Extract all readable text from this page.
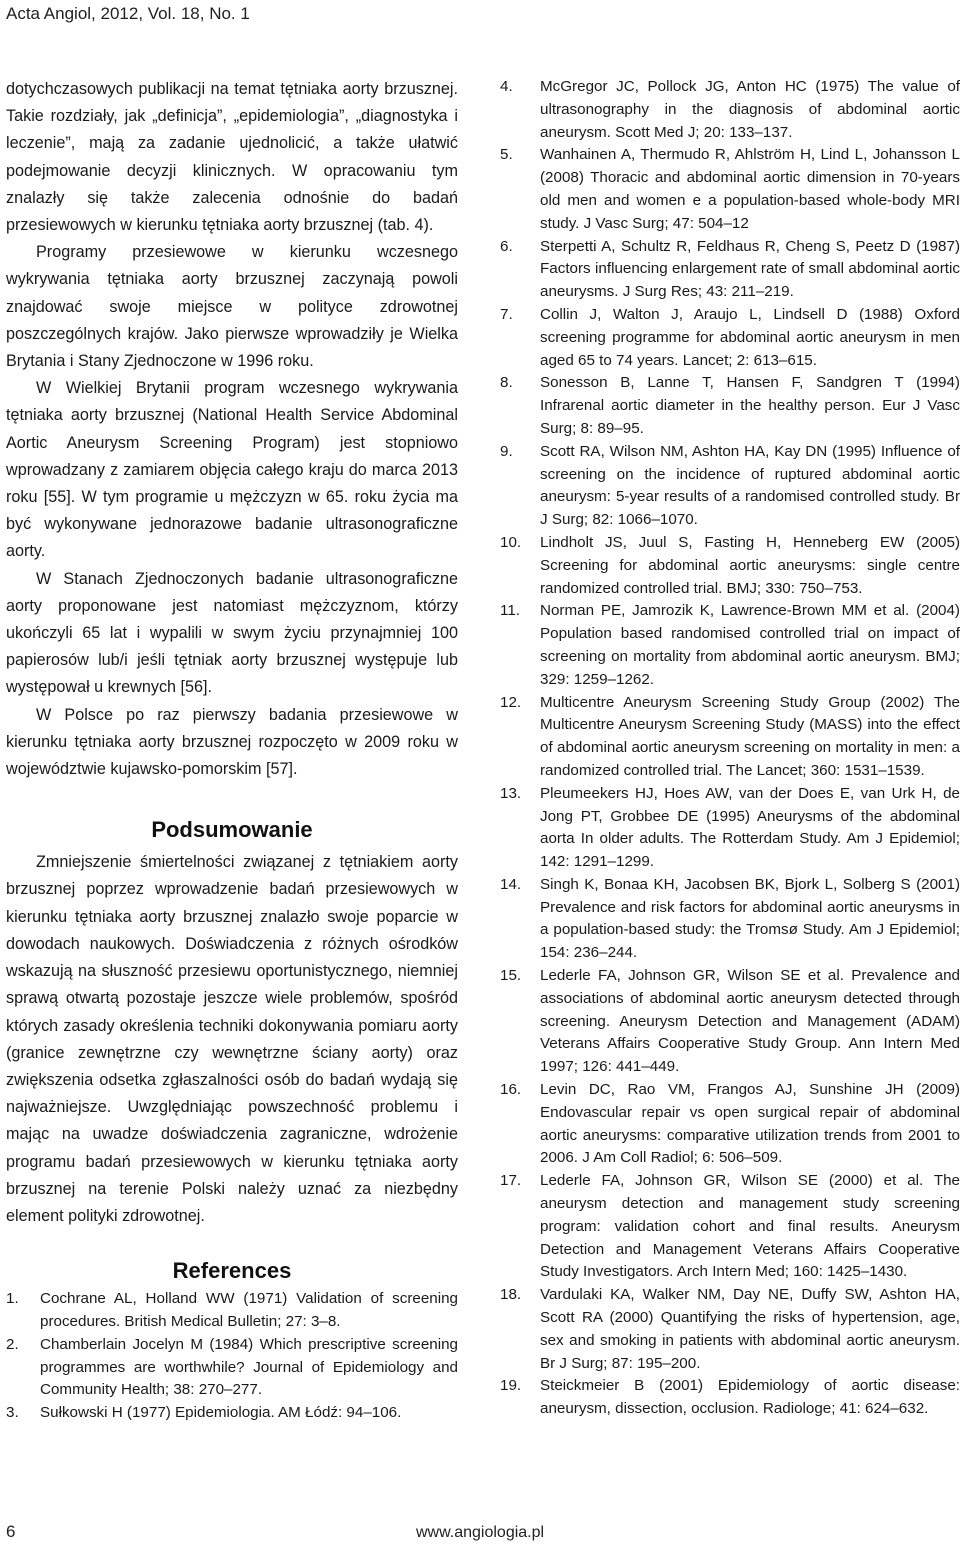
Acta Angiol, 2012, Vol. 18, No. 1

dotychczasowych publikacji na temat tętniaka aorty brzusznej. Takie rozdziały, jak „definicja”, „epidemiologia”, „diagnostyka i leczenie”, mają za zadanie ujednolicić, a także ułatwić podejmowanie decyzji klinicznych. W opracowaniu tym znalazły się także zalecenia odnośnie do badań przesiewowych w kierunku tętniaka aorty brzusznej (tab. 4).

Programy przesiewowe w kierunku wczesnego wykrywania tętniaka aorty brzusznej zaczynają powoli znajdować swoje miejsce w polityce zdrowotnej poszczególnych krajów. Jako pierwsze wprowadziły je Wielka Brytania i Stany Zjednoczone w 1996 roku.

W Wielkiej Brytanii program wczesnego wykrywania tętniaka aorty brzusznej (National Health Service Abdominal Aortic Aneurysm Screening Program) jest stopniowo wprowadzany z zamiarem objęcia całego kraju do marca 2013 roku [55]. W tym programie u mężczyzn w 65. roku życia ma być wykonywane jednorazowe badanie ultrasonograficzne aorty.

W Stanach Zjednoczonych badanie ultrasonograficzne aorty proponowane jest natomiast mężczyznom, którzy ukończyli 65 lat i wypalili w swym życiu przynajmniej 100 papierosów lub/i jeśli tętniak aorty brzusznej występuje lub występował u krewnych [56].

W Polsce po raz pierwszy badania przesiewowe w kierunku tętniaka aorty brzusznej rozpoczęto w 2009 roku w województwie kujawsko-pomorskim [57].

Podsumowanie

Zmniejszenie śmiertelności związanej z tętniakiem aorty brzusznej poprzez wprowadzenie badań przesiewowych w kierunku tętniaka aorty brzusznej znalazło swoje poparcie w dowodach naukowych. Doświadczenia z różnych ośrodków wskazują na słuszność przesiewu oportunistycznego, niemniej sprawą otwartą pozostaje jeszcze wiele problemów, spośród których zasady określenia techniki dokonywania pomiaru aorty (granice zewnętrzne czy wewnętrzne ściany aorty) oraz zwiększenia odsetka zgłaszalności osób do badań wydają się najważniejsze. Uwzględniając powszechność problemu i mając na uwadze doświadczenia zagraniczne, wdrożenie programu badań przesiewowych w kierunku tętniaka aorty brzusznej na terenie Polski należy uznać za niezbędny element polityki zdrowotnej.

References
1. Cochrane AL, Holland WW (1971) Validation of screening procedures. British Medical Bulletin; 27: 3–8.
2. Chamberlain Jocelyn M (1984) Which prescriptive screening programmes are worthwhile? Journal of Epidemiology and Community Health; 38: 270–277.
3. Sułkowski H (1977) Epidemiologia. AM Łódź: 94–106.
4. McGregor JC, Pollock JG, Anton HC (1975) The value of ultrasonography in the diagnosis of abdominal aortic aneurysm. Scott Med J; 20: 133–137.
5. Wanhainen A, Thermudo R, Ahlström H, Lind L, Johansson L (2008) Thoracic and abdominal aortic dimension in 70-years old men and women e a population-based whole-body MRI study. J Vasc Surg; 47: 504–12
6. Sterpetti A, Schultz R, Feldhaus R, Cheng S, Peetz D (1987) Factors influencing enlargement rate of small abdominal aortic aneurysms. J Surg Res; 43: 211–219.
7. Collin J, Walton J, Araujo L, Lindsell D (1988) Oxford screening programme for abdominal aortic aneurysm in men aged 65 to 74 years. Lancet; 2: 613–615.
8. Sonesson B, Lanne T, Hansen F, Sandgren T (1994) Infrarenal aortic diameter in the healthy person. Eur J Vasc Surg; 8: 89–95.
9. Scott RA, Wilson NM, Ashton HA, Kay DN (1995) Influence of screening on the incidence of ruptured abdominal aortic aneurysm: 5-year results of a randomised controlled study. Br J Surg; 82: 1066–1070.
10. Lindholt JS, Juul S, Fasting H, Henneberg EW (2005) Screening for abdominal aortic aneurysms: single centre randomized controlled trial. BMJ; 330: 750–753.
11. Norman PE, Jamrozik K, Lawrence-Brown MM et al. (2004) Population based randomised controlled trial on impact of screening on mortality from abdominal aortic aneurysm. BMJ; 329: 1259–1262.
12. Multicentre Aneurysm Screening Study Group (2002) The Multicentre Aneurysm Screening Study (MASS) into the effect of abdominal aortic aneurysm screening on mortality in men: a randomized controlled trial. The Lancet; 360: 1531–1539.
13. Pleumeekers HJ, Hoes AW, van der Does E, van Urk H, de Jong PT, Grobbee DE (1995) Aneurysms of the abdominal aorta In older adults. The Rotterdam Study. Am J Epidemiol; 142: 1291–1299.
14. Singh K, Bonaa KH, Jacobsen BK, Bjork L, Solberg S (2001) Prevalence and risk factors for abdominal aortic aneurysms in a population-based study: the Tromsø Study. Am J Epidemiol; 154: 236–244.
15. Lederle FA, Johnson GR, Wilson SE et al. Prevalence and associations of abdominal aortic aneurysm detected through screening. Aneurysm Detection and Management (ADAM) Veterans Affairs Cooperative Study Group. Ann Intern Med 1997; 126: 441–449.
16. Levin DC, Rao VM, Frangos AJ, Sunshine JH (2009) Endovascular repair vs open surgical repair of abdominal aortic aneurysms: comparative utilization trends from 2001 to 2006. J Am Coll Radiol; 6: 506–509.
17. Lederle FA, Johnson GR, Wilson SE (2000) et al. The aneurysm detection and management study screening program: validation cohort and final results. Aneurysm Detection and Management Veterans Affairs Cooperative Study Investigators. Arch Intern Med; 160: 1425–1430.
18. Vardulaki KA, Walker NM, Day NE, Duffy SW, Ashton HA, Scott RA (2000) Quantifying the risks of hypertension, age, sex and smoking in patients with abdominal aortic aneurysm. Br J Surg; 87: 195–200.
19. Steickmeier B (2001) Epidemiology of aortic disease: aneurysm, dissection, occlusion. Radiologe; 41: 624–632.
6	www.angiologia.pl
